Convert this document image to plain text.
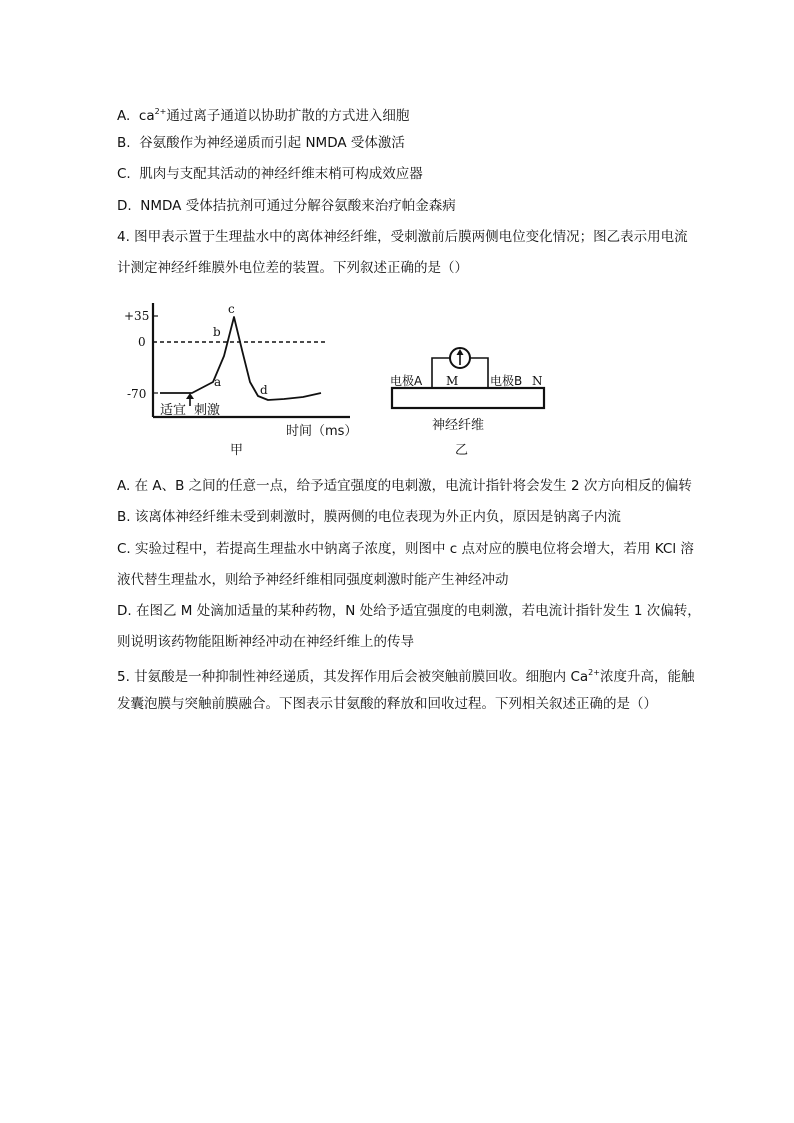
A. $ca^{2+}$通过离子通道以协助扩散的方式进入细胞
B. 谷氨酸作为神经递质而引起 NMDA 受体激活
C. 肌肉与支配其活动的神经纤维末梢可构成效应器
D. NMDA 受体拮抗剂可通过分解谷氨酸来治疗帕金森病
4. 图甲表示置于生理盐水中的离体神经纤维，受刺激前后膜两侧电位变化情况；图乙表示用电流
计测定神经纤维膜外电位差的装置。下列叙述正确的是（）
+35
0
-70
a
b
c
d
适宜 刺激
时间（ms）
甲
电极A M	电极B N
神经纤维
乙
A. 在 A、B 之间的任意一点，给予适宜强度的电刺激，电流计指针将会发生 2 次方向相反的偏转
B. 该离体神经纤维未受到刺激时，膜两侧的电位表现为外正内负，原因是钠离子内流
C. 实验过程中，若提高生理盐水中钠离子浓度，则图中 c 点对应的膜电位将会增大，若用 KCl 溶
液代替生理盐水，则给予神经纤维相同强度刺激时能产生神经冲动
D. 在图乙 M 处滴加适量的某种药物，N 处给予适宜强度的电刺激，若电流计指针发生 1 次偏转，
则说明该药物能阻断神经冲动在神经纤维上的传导
5. 甘氨酸是一种抑制性神经递质，其发挥作用后会被突触前膜回收。细胞内 $Ca^{2+}$浓度升高，能触
发囊泡膜与突触前膜融合。下图表示甘氨酸的释放和回收过程。下列相关叙述正确的是（）
